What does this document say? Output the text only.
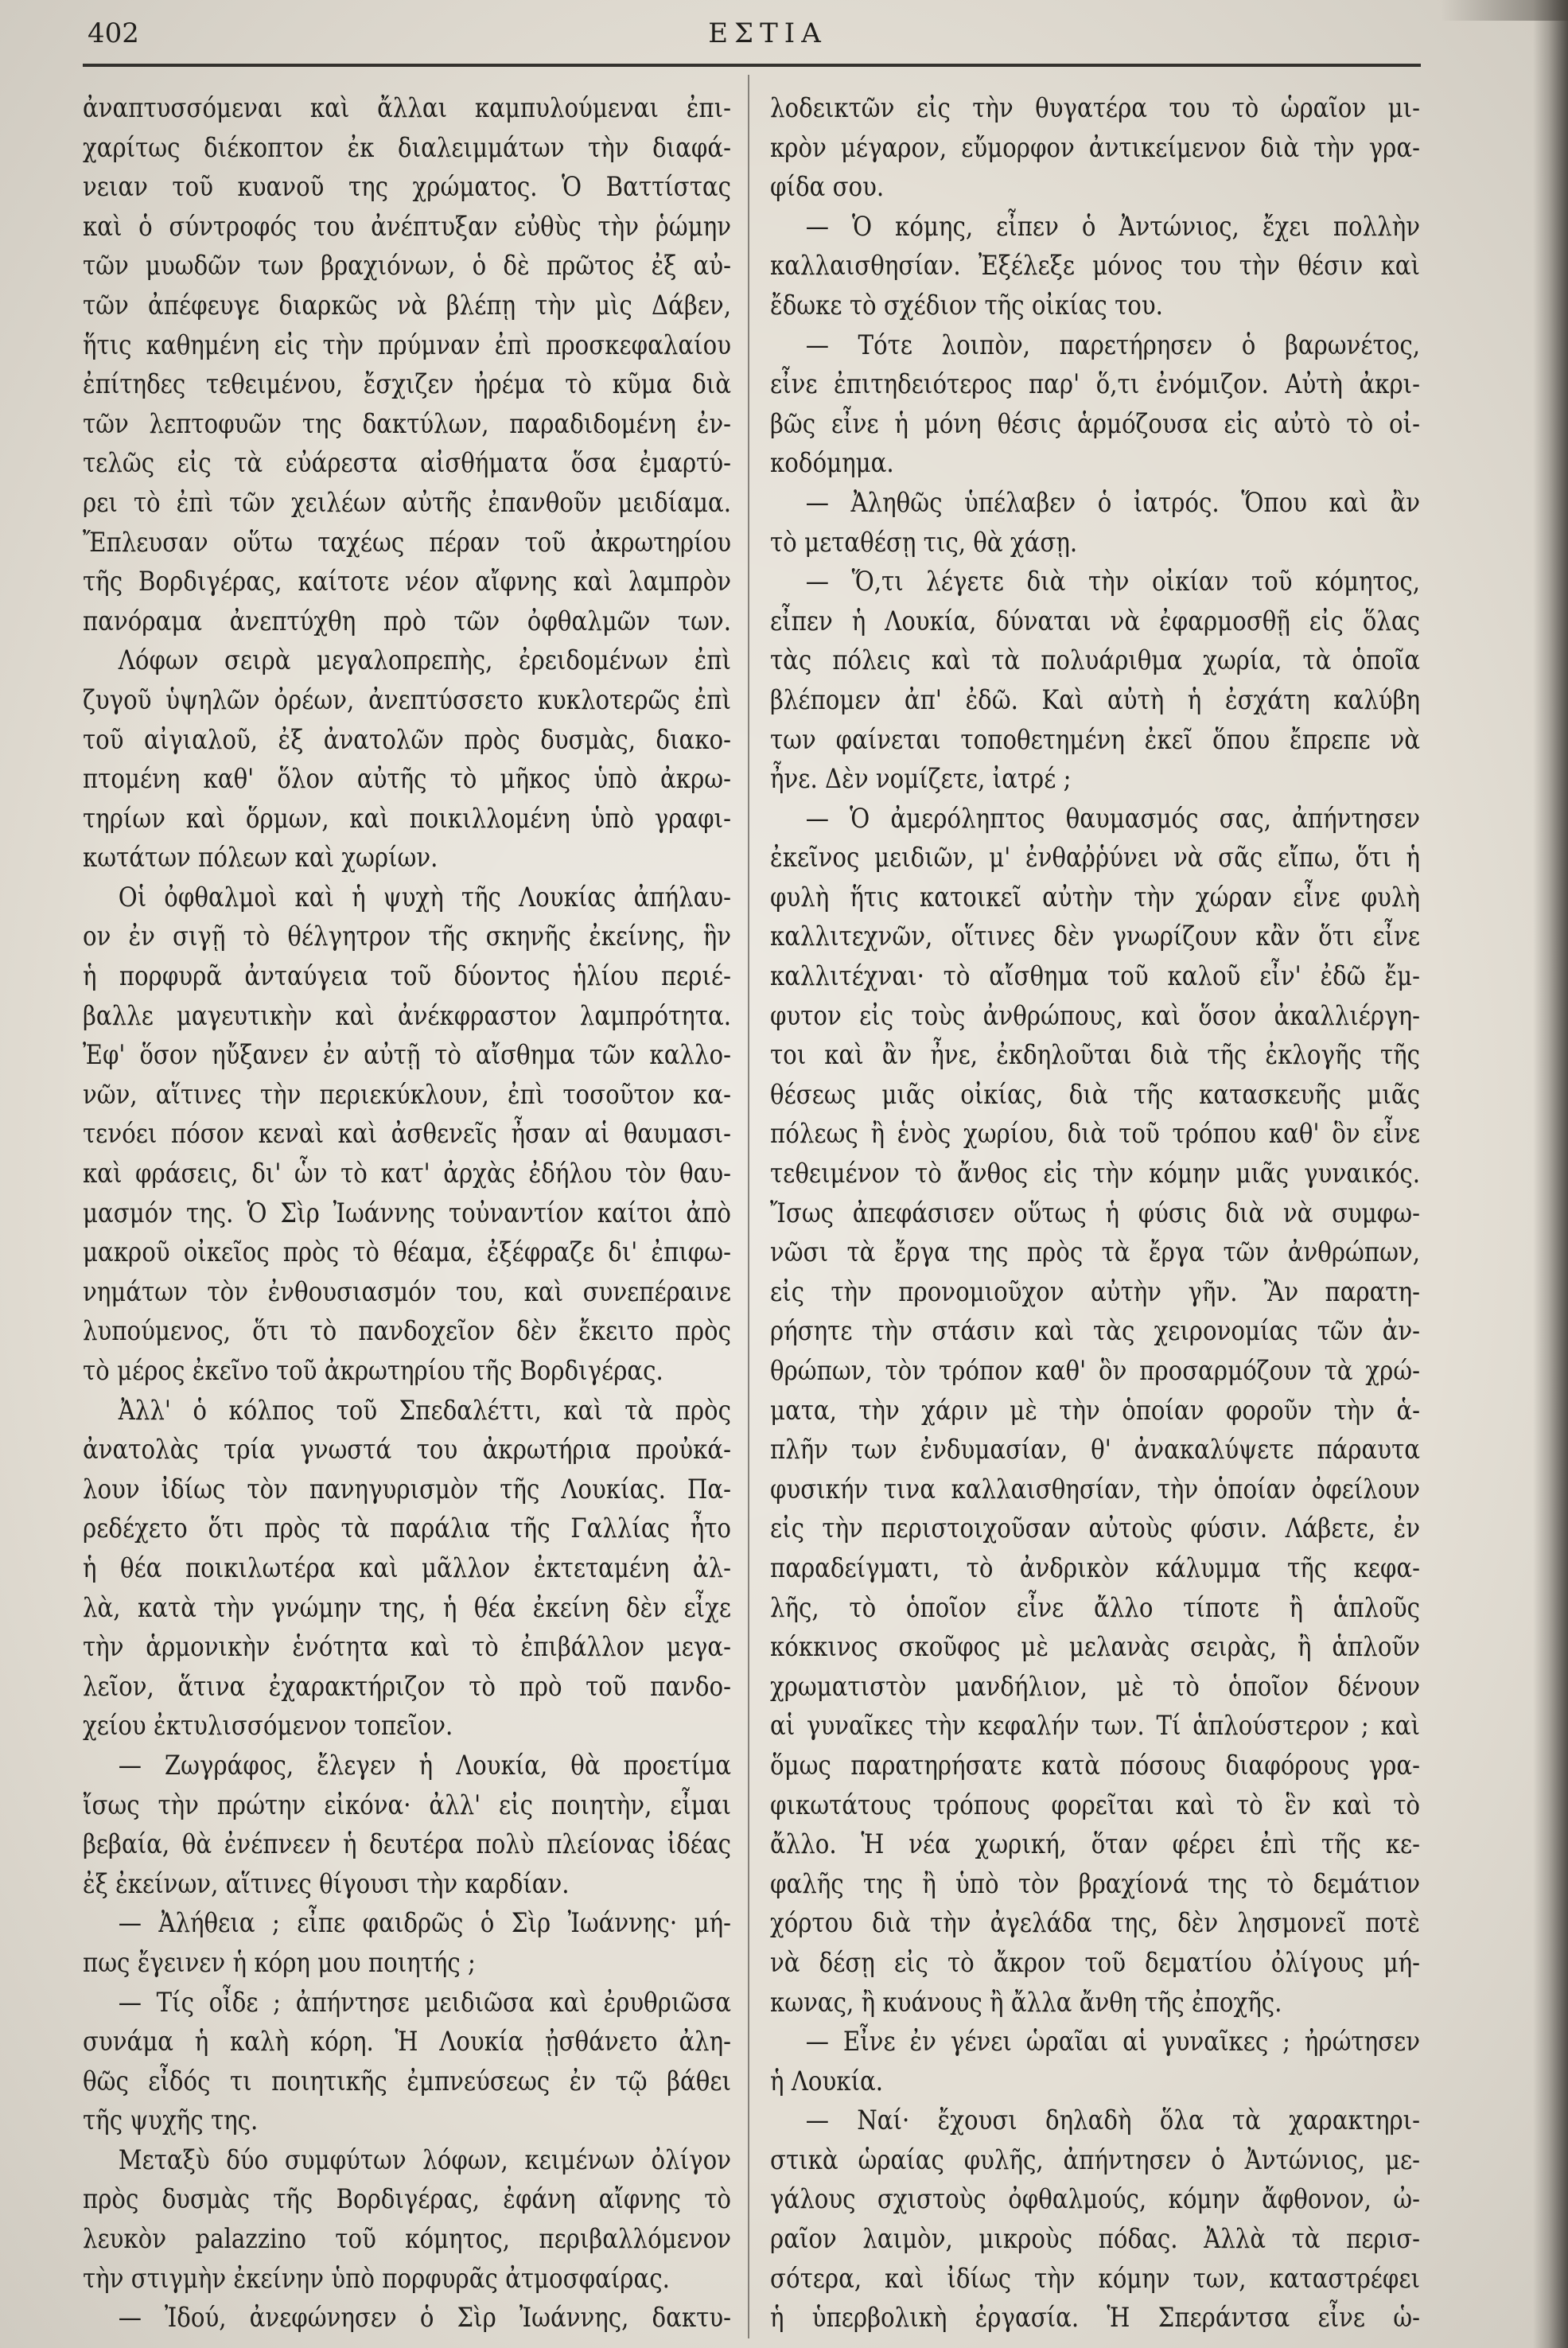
402	ΕΣΤΙΑ
ἀναπτυσσόμεναι καὶ ἄλλαι καμπυλούμεναι ἐπι-
χαρίτως διέκοπτον ἐκ διαλειμμάτων τὴν διαφά-
νειαν τοῦ κυανοῦ της χρώματος. Ὁ Βαττίστας
καὶ ὁ σύντροφός του ἀνέπτυξαν εὐθὺς τὴν ῥώμην
τῶν μυωδῶν των βραχιόνων, ὁ δὲ πρῶτος ἐξ αὐ-
τῶν ἀπέφευγε διαρκῶς νὰ βλέπῃ τὴν μὶς Δάβεν,
ἥτις καθημένη εἰς τὴν πρύμναν ἐπὶ προσκεφαλαίου
ἐπίτηδες τεθειμένου, ἔσχιζεν ἠρέμα τὸ κῦμα διὰ
τῶν λεπτοφυῶν της δακτύλων, παραδιδομένη ἐν-
τελῶς εἰς τὰ εὐάρεστα αἰσθήματα ὅσα ἐμαρτύ-
ρει τὸ ἐπὶ τῶν χειλέων αὐτῆς ἐπανθοῦν μειδίαμα.
Ἔπλευσαν οὕτω ταχέως πέραν τοῦ ἀκρωτηρίου
τῆς Βορδιγέρας, καίτοτε νέον αἴφνης καὶ λαμπρὸν
πανόραμα ἀνεπτύχθη πρὸ τῶν ὀφθαλμῶν των.
Λόφων σειρὰ μεγαλοπρεπὴς, ἐρειδομένων ἐπὶ
ζυγοῦ ὑψηλῶν ὀρέων, ἀνεπτύσσετο κυκλοτερῶς ἐπὶ
τοῦ αἰγιαλοῦ, ἐξ ἀνατολῶν πρὸς δυσμὰς, διακο-
πτομένη καθ' ὅλον αὐτῆς τὸ μῆκος ὑπὸ ἀκρω-
τηρίων καὶ ὅρμων, καὶ ποικιλλομένη ὑπὸ γραφι-
κωτάτων πόλεων καὶ χωρίων.
Οἱ ὀφθαλμοὶ καὶ ἡ ψυχὴ τῆς Λουκίας ἀπήλαυ-
ον ἐν σιγῇ τὸ θέλγητρον τῆς σκηνῆς ἐκείνης, ἣν
ἡ πορφυρᾶ ἀνταύγεια τοῦ δύοντος ἡλίου περιέ-
βαλλε μαγευτικὴν καὶ ἀνέκφραστον λαμπρότητα.
Ἐφ' ὅσον ηὔξανεν ἐν αὐτῇ τὸ αἴσθημα τῶν καλλο-
νῶν, αἵτινες τὴν περιεκύκλουν, ἐπὶ τοσοῦτον κα-
τενόει πόσον κεναὶ καὶ ἀσθενεῖς ἦσαν αἱ θαυμασι-
καὶ φράσεις, δι' ὧν τὸ κατ' ἀρχὰς ἐδήλου τὸν θαυ-
μασμόν της. Ὁ Σὶρ Ἰωάννης τοὐναντίον καίτοι ἀπὸ
μακροῦ οἰκεῖος πρὸς τὸ θέαμα, ἐξέφραζε δι' ἐπιφω-
νημάτων τὸν ἐνθουσιασμόν του, καὶ συνεπέραινε
λυπούμενος, ὅτι τὸ πανδοχεῖον δὲν ἔκειτο πρὸς
τὸ μέρος ἐκεῖνο τοῦ ἀκρωτηρίου τῆς Βορδιγέρας.
Ἀλλ' ὁ κόλπος τοῦ Σπεδαλέττι, καὶ τὰ πρὸς
ἀνατολὰς τρία γνωστά του ἀκρωτήρια προὐκά-
λουν ἰδίως τὸν πανηγυρισμὸν τῆς Λουκίας. Πα-
ρεδέχετο ὅτι πρὸς τὰ παράλια τῆς Γαλλίας ἦτο
ἡ θέα ποικιλωτέρα καὶ μᾶλλον ἐκτεταμένη ἀλ-
λὰ, κατὰ τὴν γνώμην της, ἡ θέα ἐκείνη δὲν εἶχε
τὴν ἁρμονικὴν ἑνότητα καὶ τὸ ἐπιβάλλον μεγα-
λεῖον, ἅτινα ἐχαρακτήριζον τὸ πρὸ τοῦ πανδο-
χείου ἐκτυλισσόμενον τοπεῖον.
— Ζωγράφος, ἔλεγεν ἡ Λουκία, θὰ προετίμα
ἴσως τὴν πρώτην εἰκόνα· ἀλλ' εἰς ποιητὴν, εἶμαι
βεβαία, θὰ ἐνέπνεεν ἡ δευτέρα πολὺ πλείονας ἰδέας
ἐξ ἐκείνων, αἵτινες θίγουσι τὴν καρδίαν.
— Ἀλήθεια ; εἶπε φαιδρῶς ὁ Σὶρ Ἰωάννης· μή-
πως ἔγεινεν ἡ κόρη μου ποιητής ;
— Τίς οἶδε ; ἀπήντησε μειδιῶσα καὶ ἐρυθριῶσα
συνάμα ἡ καλὴ κόρη. Ἡ Λουκία ᾐσθάνετο ἀλη-
θῶς εἶδός τι ποιητικῆς ἐμπνεύσεως ἐν τῷ βάθει
τῆς ψυχῆς της.
Μεταξὺ δύο συμφύτων λόφων, κειμένων ὀλίγον
πρὸς δυσμὰς τῆς Βορδιγέρας, ἐφάνη αἴφνης τὸ
λευκὸν palazzino τοῦ κόμητος, περιβαλλόμενον
τὴν στιγμὴν ἐκείνην ὑπὸ πορφυρᾶς ἀτμοσφαίρας.
— Ἰδού, ἀνεφώνησεν ὁ Σὶρ Ἰωάννης, δακτυ-
λοδεικτῶν εἰς τὴν θυγατέρα του τὸ ὡραῖον μι-
κρὸν μέγαρον, εὔμορφον ἀντικείμενον διὰ τὴν γρα-
φίδα σου.
— Ὁ κόμης, εἶπεν ὁ Ἀντώνιος, ἔχει πολλὴν
καλλαισθησίαν. Ἐξέλεξε μόνος του τὴν θέσιν καὶ
ἔδωκε τὸ σχέδιον τῆς οἰκίας του.
— Τότε λοιπὸν, παρετήρησεν ὁ βαρωνέτος,
εἶνε ἐπιτηδειότερος παρ' ὅ,τι ἐνόμιζον. Αὐτὴ ἀκρι-
βῶς εἶνε ἡ μόνη θέσις ἁρμόζουσα εἰς αὐτὸ τὸ οἰ-
κοδόμημα.
— Ἀληθῶς ὑπέλαβεν ὁ ἰατρός. Ὅπου καὶ ἂν
τὸ μεταθέσῃ τις, θὰ χάσῃ.
— Ὅ,τι λέγετε διὰ τὴν οἰκίαν τοῦ κόμητος,
εἶπεν ἡ Λουκία, δύναται νὰ ἐφαρμοσθῇ εἰς ὅλας
τὰς πόλεις καὶ τὰ πολυάριθμα χωρία, τὰ ὁποῖα
βλέπομεν ἀπ' ἐδῶ. Καὶ αὐτὴ ἡ ἐσχάτη καλύβη
των φαίνεται τοποθετημένη ἐκεῖ ὅπου ἔπρεπε νὰ
ἦνε. Δὲν νομίζετε, ἰατρέ ;
— Ὁ ἀμερόληπτος θαυμασμός σας, ἀπήντησεν
ἐκεῖνος μειδιῶν, μ' ἐνθαῤῥύνει νὰ σᾶς εἴπω, ὅτι ἡ
φυλὴ ἥτις κατοικεῖ αὐτὴν τὴν χώραν εἶνε φυλὴ
καλλιτεχνῶν, οἵτινες δὲν γνωρίζουν κἂν ὅτι εἶνε
καλλιτέχναι· τὸ αἴσθημα τοῦ καλοῦ εἶν' ἐδῶ ἔμ-
φυτον εἰς τοὺς ἀνθρώπους, καὶ ὅσον ἀκαλλιέργη-
τοι καὶ ἂν ἦνε, ἐκδηλοῦται διὰ τῆς ἐκλογῆς τῆς
θέσεως μιᾶς οἰκίας, διὰ τῆς κατασκευῆς μιᾶς
πόλεως ἢ ἑνὸς χωρίου, διὰ τοῦ τρόπου καθ' ὃν εἶνε
τεθειμένον τὸ ἄνθος εἰς τὴν κόμην μιᾶς γυναικός.
Ἴσως ἀπεφάσισεν οὕτως ἡ φύσις διὰ νὰ συμφω-
νῶσι τὰ ἔργα της πρὸς τὰ ἔργα τῶν ἀνθρώπων,
εἰς τὴν προνομιοῦχον αὐτὴν γῆν. Ἂν παρατη-
ρήσητε τὴν στάσιν καὶ τὰς χειρονομίας τῶν ἀν-
θρώπων, τὸν τρόπον καθ' ὃν προσαρμόζουν τὰ χρώ-
ματα, τὴν χάριν μὲ τὴν ὁποίαν φοροῦν τὴν ἁ-
πλῆν των ἐνδυμασίαν, θ' ἀνακαλύψετε πάραυτα
φυσικήν τινα καλλαισθησίαν, τὴν ὁποίαν ὀφείλουν
εἰς τὴν περιστοιχοῦσαν αὐτοὺς φύσιν. Λάβετε, ἐν
παραδείγματι, τὸ ἀνδρικὸν κάλυμμα τῆς κεφα-
λῆς, τὸ ὁποῖον εἶνε ἄλλο τίποτε ἢ ἁπλοῦς
κόκκινος σκοῦφος μὲ μελανὰς σειρὰς, ἢ ἁπλοῦν
χρωματιστὸν μανδήλιον, μὲ τὸ ὁποῖον δένουν
αἱ γυναῖκες τὴν κεφαλήν των. Τί ἁπλούστερον ; καὶ
ὅμως παρατηρήσατε κατὰ πόσους διαφόρους γρα-
φικωτάτους τρόπους φορεῖται καὶ τὸ ἓν καὶ τὸ
ἄλλο. Ἡ νέα χωρική, ὅταν φέρει ἐπὶ τῆς κε-
φαλῆς της ἢ ὑπὸ τὸν βραχίονά της τὸ δεμάτιον
χόρτου διὰ τὴν ἀγελάδα της, δὲν λησμονεῖ ποτὲ
νὰ δέσῃ εἰς τὸ ἄκρον τοῦ δεματίου ὀλίγους μή-
κωνας, ἢ κυάνους ἢ ἄλλα ἄνθη τῆς ἐποχῆς.
— Εἶνε ἐν γένει ὡραῖαι αἱ γυναῖκες ; ἠρώτησεν
ἡ Λουκία.
— Ναί· ἔχουσι δηλαδὴ ὅλα τὰ χαρακτηρι-
στικὰ ὡραίας φυλῆς, ἀπήντησεν ὁ Ἀντώνιος, με-
γάλους σχιστοὺς ὀφθαλμούς, κόμην ἄφθονον, ὠ-
ραῖον λαιμὸν, μικροὺς πόδας. Ἀλλὰ τὰ περισ-
σότερα, καὶ ἰδίως τὴν κόμην των, καταστρέφει
ἡ ὑπερβολικὴ ἐργασία. Ἡ Σπεράντσα εἶνε ὡ-
